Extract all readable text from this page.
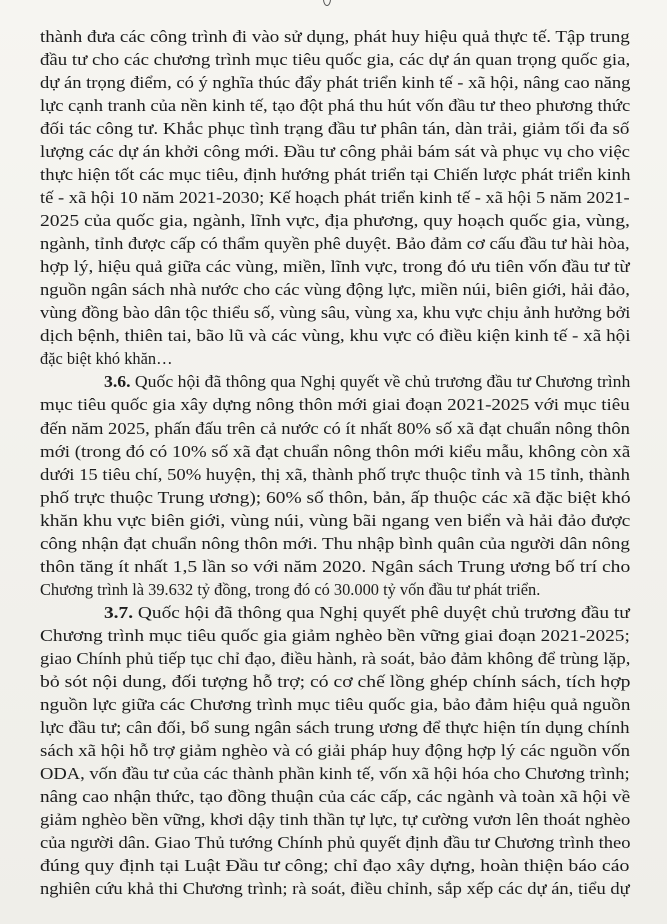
thành đưa các công trình đi vào sử dụng, phát huy hiệu quả thực tế. Tập trung
đầu tư cho các chương trình mục tiêu quốc gia, các dự án quan trọng quốc gia,
dự án trọng điểm, có ý nghĩa thúc đẩy phát triển kinh tế - xã hội, nâng cao năng
lực cạnh tranh của nền kinh tế, tạo đột phá thu hút vốn đầu tư theo phương thức
đối tác công tư. Khắc phục tình trạng đầu tư phân tán, dàn trải, giảm tối đa số
lượng các dự án khởi công mới. Đầu tư công phải bám sát và phục vụ cho việc
thực hiện tốt các mục tiêu, định hướng phát triển tại Chiến lược phát triển kinh
tế - xã hội 10 năm 2021-2030; Kế hoạch phát triển kinh tế - xã hội 5 năm 2021-
2025 của quốc gia, ngành, lĩnh vực, địa phương, quy hoạch quốc gia, vùng,
ngành, tỉnh được cấp có thẩm quyền phê duyệt. Bảo đảm cơ cấu đầu tư hài hòa,
hợp lý, hiệu quả giữa các vùng, miền, lĩnh vực, trong đó ưu tiên vốn đầu tư từ
nguồn ngân sách nhà nước cho các vùng động lực, miền núi, biên giới, hải đảo,
vùng đồng bào dân tộc thiểu số, vùng sâu, vùng xa, khu vực chịu ảnh hưởng bởi
dịch bệnh, thiên tai, bão lũ và các vùng, khu vực có điều kiện kinh tế - xã hội
đặc biệt khó khăn…
3.6. Quốc hội đã thông qua Nghị quyết về chủ trương đầu tư Chương trình
mục tiêu quốc gia xây dựng nông thôn mới giai đoạn 2021-2025 với mục tiêu
đến năm 2025, phấn đấu trên cả nước có ít nhất 80% số xã đạt chuẩn nông thôn
mới (trong đó có 10% số xã đạt chuẩn nông thôn mới kiểu mẫu, không còn xã
dưới 15 tiêu chí, 50% huyện, thị xã, thành phố trực thuộc tỉnh và 15 tỉnh, thành
phố trực thuộc Trung ương); 60% số thôn, bản, ấp thuộc các xã đặc biệt khó
khăn khu vực biên giới, vùng núi, vùng bãi ngang ven biển và hải đảo được
công nhận đạt chuẩn nông thôn mới. Thu nhập bình quân của người dân nông
thôn tăng ít nhất 1,5 lần so với năm 2020. Ngân sách Trung ương bố trí cho
Chương trình là 39.632 tỷ đồng, trong đó có 30.000 tỷ vốn đầu tư phát triển.
3.7. Quốc hội đã thông qua Nghị quyết phê duyệt chủ trương đầu tư
Chương trình mục tiêu quốc gia giảm nghèo bền vững giai đoạn 2021-2025;
giao Chính phủ tiếp tục chỉ đạo, điều hành, rà soát, bảo đảm không để trùng lặp,
bỏ sót nội dung, đối tượng hỗ trợ; có cơ chế lồng ghép chính sách, tích hợp
nguồn lực giữa các Chương trình mục tiêu quốc gia, bảo đảm hiệu quả nguồn
lực đầu tư; cân đối, bổ sung ngân sách trung ương để thực hiện tín dụng chính
sách xã hội hỗ trợ giảm nghèo và có giải pháp huy động hợp lý các nguồn vốn
ODA, vốn đầu tư của các thành phần kinh tế, vốn xã hội hóa cho Chương trình;
nâng cao nhận thức, tạo đồng thuận của các cấp, các ngành và toàn xã hội về
giảm nghèo bền vững, khơi dậy tinh thần tự lực, tự cường vươn lên thoát nghèo
của người dân. Giao Thủ tướng Chính phủ quyết định đầu tư Chương trình theo
đúng quy định tại Luật Đầu tư công; chỉ đạo xây dựng, hoàn thiện báo cáo
nghiên cứu khả thi Chương trình; rà soát, điều chỉnh, sắp xếp các dự án, tiểu dự
